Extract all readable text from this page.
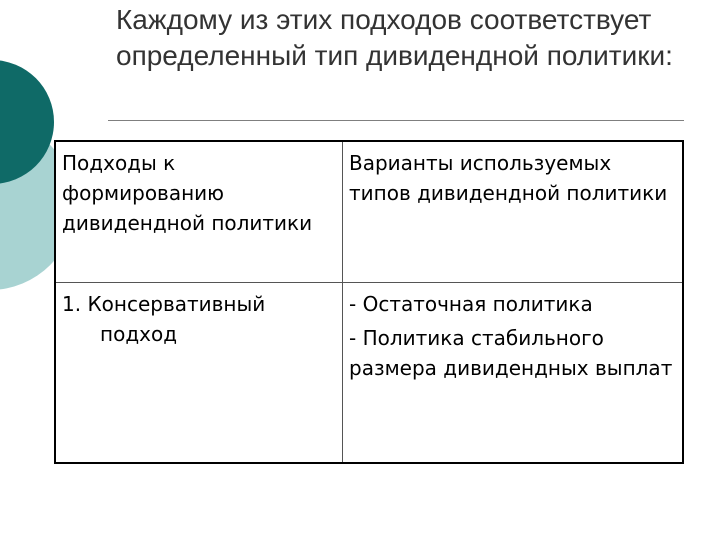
Каждому из этих подходов соответствует определенный тип дивидендной политики:
Подходы к формированию дивидендной политики	Варианты используемых типов дивидендной политики

1. Консервативный подход	- Остаточная политика
- Политика стабильного размера дивидендных выплат
